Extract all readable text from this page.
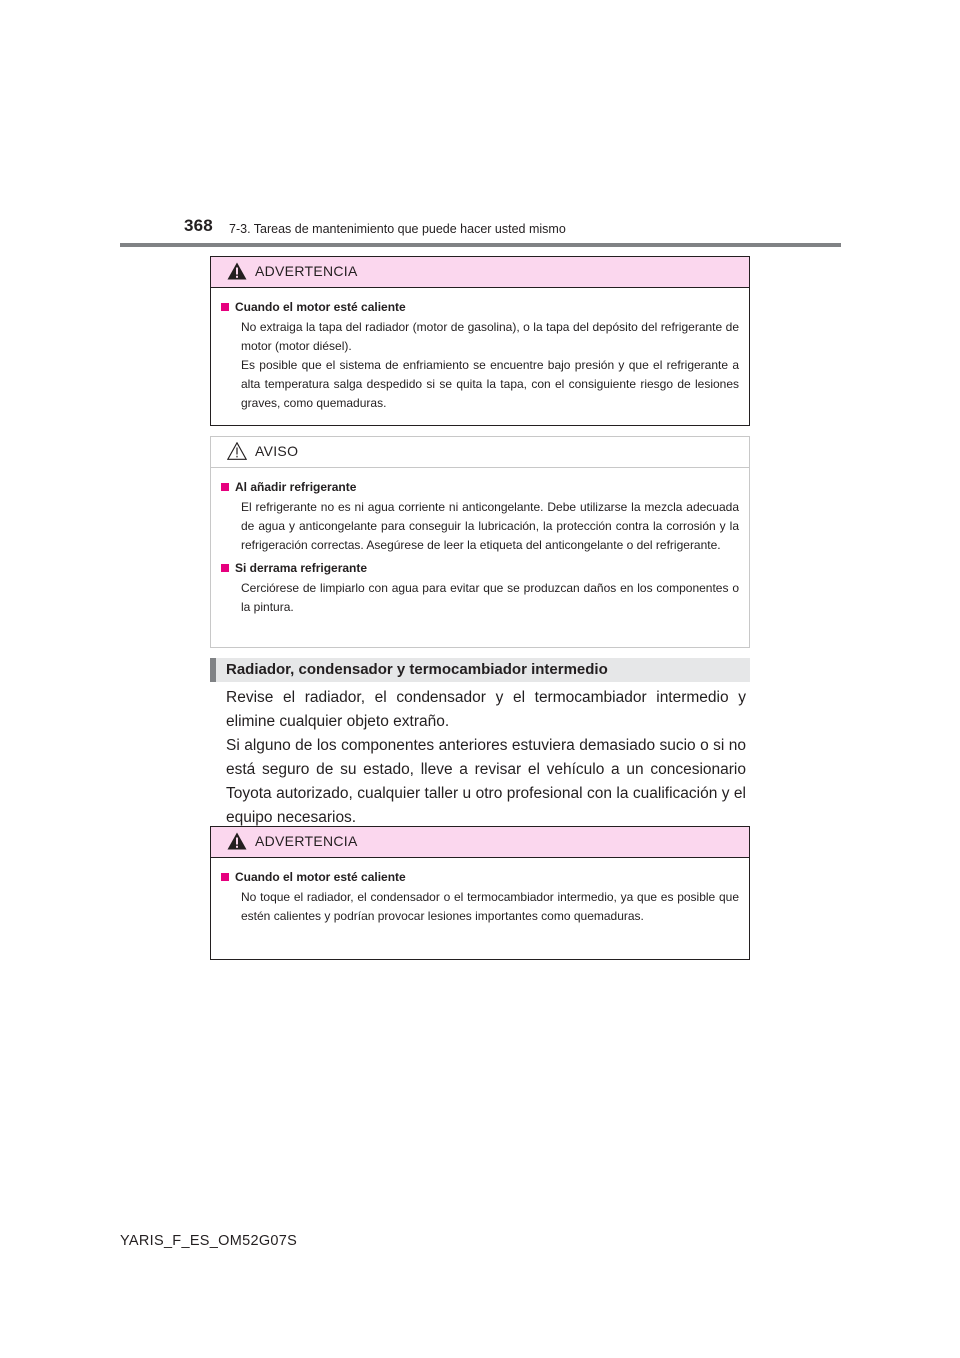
368 7-3. Tareas de mantenimiento que puede hacer usted mismo
ADVERTENCIA
Cuando el motor esté caliente

No extraiga la tapa del radiador (motor de gasolina), o la tapa del depósito del refrigerante de motor (motor diésel).

Es posible que el sistema de enfriamiento se encuentre bajo presión y que el refrigerante a alta temperatura salga despedido si se quita la tapa, con el consiguiente riesgo de lesiones graves, como quemaduras.

AVISO
Al añadir refrigerante
El refrigerante no es ni agua corriente ni anticongelante. Debe utilizarse la mezcla adecuada de agua y anticongelante para conseguir la lubricación, la protección contra la corrosión y la refrigeración correctas. Asegúrese de leer la etiqueta del anticongelante o del refrigerante.
Si derrama refrigerante
Cerciórese de limpiarlo con agua para evitar que se produzcan daños en los componentes o la pintura.
Radiador, condensador y termocambiador intermedio

Revise el radiador, el condensador y el termocambiador intermedio y elimine cualquier objeto extraño.

Si alguno de los componentes anteriores estuviera demasiado sucio o si no está seguro de su estado, lleve a revisar el vehículo a un concesionario Toyota autorizado, cualquier taller u otro profesional con la cualificación y el equipo necesarios.

ADVERTENCIA
Cuando el motor esté caliente
No toque el radiador, el condensador o el termocambiador intermedio, ya que es posible que estén calientes y podrían provocar lesiones importantes como quemaduras.
YARIS_F_ES_OM52G07S
